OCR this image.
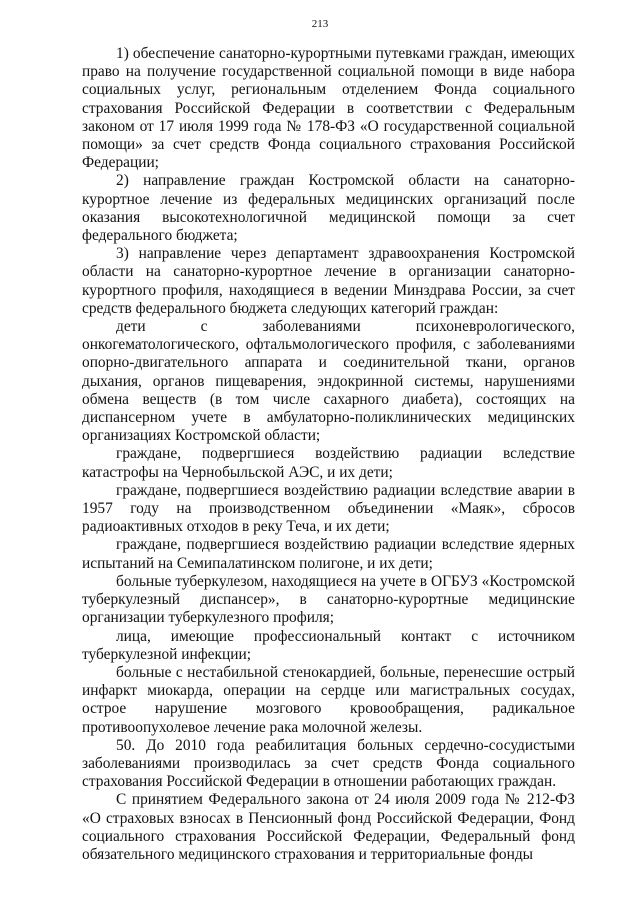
213

1) обеспечение санаторно-курортными путевками граждан, имеющих право на получение государственной социальной помощи в виде набора социальных услуг, региональным отделением Фонда социального страхования Российской Федерации в соответствии с Федеральным законом от 17 июля 1999 года № 178-ФЗ «О государственной социальной помощи» за счет средств Фонда социального страхования Российской Федерации;

2) направление граждан Костромской области на санаторно-курортное лечение из федеральных медицинских организаций после оказания высокотехнологичной медицинской помощи за счет федерального бюджета;

3) направление через департамент здравоохранения Костромской области на санаторно-курортное лечение в организации санаторно-курортного профиля, находящиеся в ведении Минздрава России, за счет средств федерального бюджета следующих категорий граждан:

дети с заболеваниями психоневрологического, онкогематологического, офтальмологического профиля, с заболеваниями опорно-двигательного аппарата и соединительной ткани, органов дыхания, органов пищеварения, эндокринной системы, нарушениями обмена веществ (в том числе сахарного диабета), состоящих на диспансерном учете в амбулаторно-поликлинических медицинских организациях Костромской области;

граждане, подвергшиеся воздействию радиации вследствие катастрофы на Чернобыльской АЭС, и их дети;

граждане, подвергшиеся воздействию радиации вследствие аварии в 1957 году на производственном объединении «Маяк», сбросов радиоактивных отходов в реку Теча, и их дети;

граждане, подвергшиеся воздействию радиации вследствие ядерных испытаний на Семипалатинском полигоне, и их дети;

больные туберкулезом, находящиеся на учете в ОГБУЗ «Костромской туберкулезный диспансер», в санаторно-курортные медицинские организации туберкулезного профиля;

лица, имеющие профессиональный контакт с источником туберкулезной инфекции;

больные с нестабильной стенокардией, больные, перенесшие острый инфаркт миокарда, операции на сердце или магистральных сосудах, острое нарушение мозгового кровообращения, радикальное противоопухолевое лечение рака молочной железы.

50. До 2010 года реабилитация больных сердечно-сосудистыми заболеваниями производилась за счет средств Фонда социального страхования Российской Федерации в отношении работающих граждан.

С принятием Федерального закона от 24 июля 2009 года № 212-ФЗ «О страховых взносах в Пенсионный фонд Российской Федерации, Фонд социального страхования Российской Федерации, Федеральный фонд обязательного медицинского страхования и территориальные фонды
